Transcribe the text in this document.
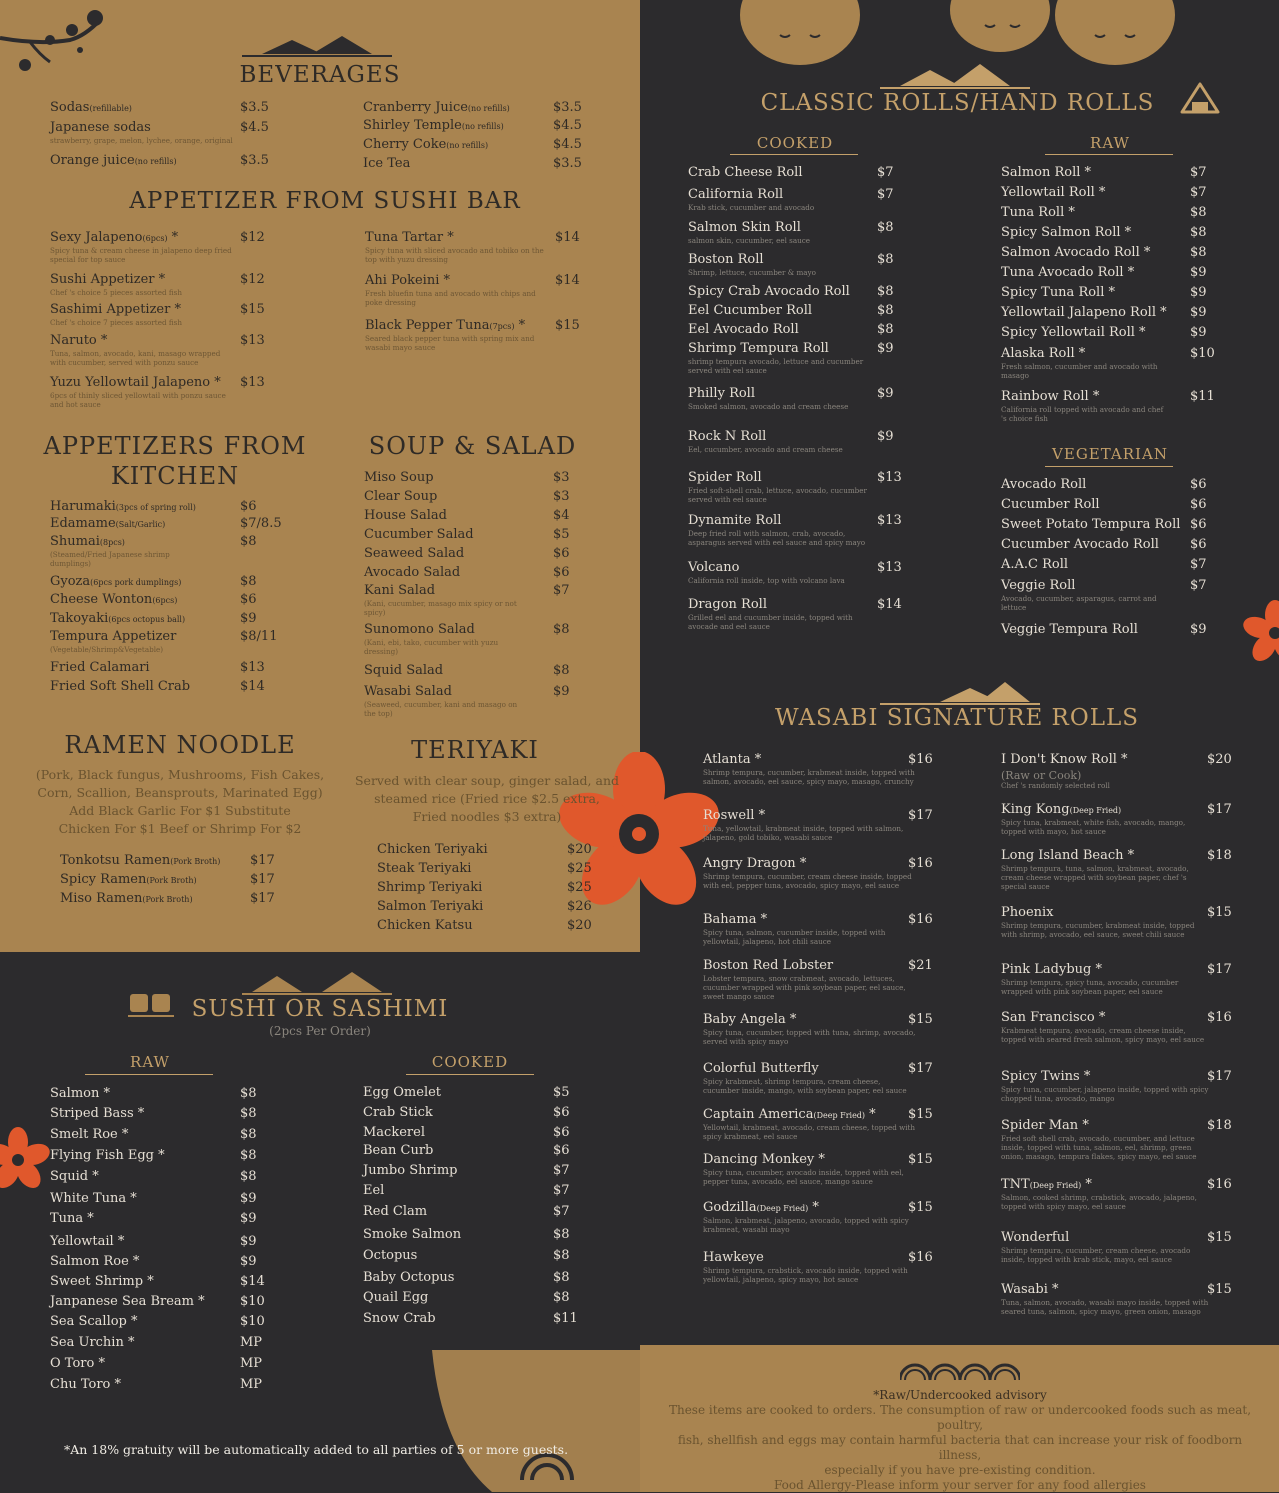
BEVERAGES
APPETIZER FROM SUSHI BAR
APPETIZERS FROM
KITCHEN
SOUP & SALAD
RAMEN NOODLE	TERIYAKI
SUSHI OR SASHIMI
(2pcs Per Order)
CLASSIC ROLLS/HAND ROLLS
WASABI SIGNATURE ROLLS
COOKED	RAW
VEGETARIAN
RAW	COOKED
(Pork, Black fungus, Mushrooms, Fish Cakes,
Corn, Scallion, Beansprouts, Marinated Egg)
Add Black Garlic For $1 Substitute
Chicken For $1 Beef or Shrimp For $2
Served with clear soup, ginger salad, and
steamed rice (Fried rice $2.5 extra,
Fried noodles $3 extra)
*An 18% gratuity will be automatically added to all parties of 5 or more guests.
*Raw/Undercooked advisory
These items are cooked to orders. The consumption of raw or undercooked foods such as meat, poultry,
fish, shellfish and eggs may contain harmful bacteria that can increase your risk of foodborn illness,
especially if you have pre-existing condition.
Food Allergy-Please inform your server for any food allergies
Sodas(refillable)	$3.5
Japanese sodas	$4.5
strawberry, grape, melon, lychee, orange, original
Orange juice(no refills)	$3.5
Cranberry Juice(no refills)	$3.5
Shirley Temple(no refills)	$4.5
Cherry Coke(no refills)	$4.5
Ice Tea	$3.5
Sexy Jalapeno(6pcs) *	$12
Spicy tuna & cream cheese in jalapeno deep fried special for top sauce
Sushi Appetizer *	$12
Chef 's choice 5 pieces assorted fish
Sashimi Appetizer *	$15
Chef 's choice 7 pieces assorted fish
Naruto *	$13
Tuna, salmon, avocado, kani, masago wrapped with cucumber, served with ponzu sauce
Yuzu Yellowtail Jalapeno * $13
6pcs of thinly sliced yellowtail with ponzu sauce and hot sauce
Tuna Tartar *	$14
Spicy tuna with sliced avocado and tobiko on the top with yuzu dressing
Ahi Pokeini *	$14
Fresh bluefin tuna and avocado with chips and poke dressing
Black Pepper Tuna(7pcs) * $15
Seared black pepper tuna with spring mix and wasabi mayo sauce
Harumaki(3pcs of spring roll)	$6
Edamame(Salt/Garlic)	$7/8.5
Shumai(8pcs)	$8
(Steamed/Fried Japanese shrimp dumplings)
Gyoza(6pcs pork dumplings)	$8
Cheese Wonton(6pcs)	$6
Takoyaki(6pcs octopus ball)	$9
Tempura Appetizer	$8/11
(Vegetable/Shrimp&Vegetable)
Fried Calamari	$13
Fried Soft Shell Crab	$14
Miso Soup	$3
Clear Soup	$3
House Salad	$4
Cucumber Salad	$5
Seaweed Salad	$6
Avocado Salad	$6
Kani Salad	$7
(Kani, cucumber, masago mix spicy or not spicy)
Sunomono Salad	$8
(Kani, ebi, tako, cucumber with yuzu dressing)
Squid Salad	$8
Wasabi Salad	$9
(Seaweed, cucumber, kani and masago on the top)
Tonkotsu Ramen(Pork Broth) $17
Spicy Ramen(Pork Broth)	$17
Miso Ramen(Pork Broth)	$17
Chicken Teriyaki	$20
Steak Teriyaki	$25
Shrimp Teriyaki	$25
Salmon Teriyaki	$26
Chicken Katsu	$20
Salmon *	$8
Striped Bass *	$8
Smelt Roe *	$8
Flying Fish Egg *	$8
Squid *	$8
White Tuna *	$9
Tuna *	$9
Yellowtail *	$9
Salmon Roe *	$9
Sweet Shrimp *	$14
Janpanese Sea Bream *	$10
Sea Scallop *	$10
Sea Urchin *	MP
O Toro *	MP
Chu Toro *	MP
Egg Omelet	$5
Crab Stick	$6
Mackerel	$6
Bean Curb	$6
Jumbo Shrimp	$7
Eel	$7
Red Clam	$7
Smoke Salmon	$8
Octopus	$8
Baby Octopus	$8
Quail Egg	$8
Snow Crab	$11
Crab Cheese Roll	$7
California Roll	$7
Krab stick, cucumber and avocado
Salmon Skin Roll	$8
salmon skin, cucumber, eel sauce
Boston Roll	$8
Shrimp, lettuce, cucumber & mayo
Spicy Crab Avocado Roll $8
Eel Cucumber Roll	$8
Eel Avocado Roll	$8
Shrimp Tempura Roll	$9
shrimp tempura avocado, lettuce and cucumber served with eel sauce
Philly Roll	$9
Smoked salmon, avocado and cream cheese
Rock N Roll	$9
Eel, cucumber, avocado and cream cheese
Spider Roll	$13
Fried soft-shell crab, lettuce, avocado, cucumber served with eel sauce
Dynamite Roll	$13
Deep fried roll with salmon, crab, avocado, asparagus served with eel sauce and spicy mayo
Volcano	$13
California roll inside, top with volcano lava
Dragon Roll	$14
Grilled eel and cucumber inside, topped with avocade and eel sauce
Salmon Roll *	$7
Yellowtail Roll *	$7
Tuna Roll *	$8
Spicy Salmon Roll *	$8
Salmon Avocado Roll *	$8
Tuna Avocado Roll *	$9
Spicy Tuna Roll *	$9
Yellowtail Jalapeno Roll * $9
Spicy Yellowtail Roll *	$9
Alaska Roll *	$10
Fresh salmon, cucumber and avocado with masago
Rainbow Roll *	$11
California roll topped with avocado and chef 's choice fish
Avocado Roll	$6
Cucumber Roll	$6
Sweet Potato Tempura Roll $6
Cucumber Avocado Roll $6
A.A.C Roll	$7
Veggie Roll	$7
Avocado, cucumber, asparagus, carrot and lettuce
Veggie Tempura Roll	$9
Atlanta *	$16
Shrimp tempura, cucumber, krabmeat inside, topped with salmon, avocado, eel sauce, spicy mayo, masago, crunchy
Roswell *	$17
Tuna, yellowtail, krabmeat inside, topped with salmon, jalapeno, gold tobiko, wasabi sauce
Angry Dragon *	$16
Shrimp tempura, cucumber, cream cheese inside, topped with eel, pepper tuna, avocado, spicy mayo, eel sauce
Bahama *	$16
Spicy tuna, salmon, cucumber inside, topped with yellowtail, jalapeno, hot chili sauce
Boston Red Lobster	$21
Lobster tempura, snow crabmeat, avocado, lettuces, cucumber wrapped with pink soybean paper, eel sauce, sweet mango sauce
Baby Angela *	$15
Spicy tuna, cucumber, topped with tuna, shrimp, avocado, served with spicy mayo
Colorful Butterfly	$17
Spicy krabmeat, shrimp tempura, cream cheese, cucumber inside, mango, with soybean paper, eel sauce
Captain America(Deep Fried) * $15
Yellowtail, krabmeat, avocado, cream cheese, topped with spicy krabmeat, eel sauce
Dancing Monkey *	$15
Spicy tuna, cucumber, avocado inside, topped with eel, pepper tuna, avocado, eel sauce, mango sauce
Godzilla(Deep Fried) *	$15
Salmon, krabmeat, jalapeno, avocado, topped with spicy krabmeat, wasabi mayo
Hawkeye	$16
Shrimp tempura, crabstick, avocado inside, topped with yellowtail, jalapeno, spicy mayo, hot sauce
I Don't Know Roll *	$20
(Raw or Cook)
Chef 's randomly selected roll
King Kong(Deep Fried)	$17
Spicy tuna, krabmeat, white fish, avocado, mango, topped with mayo, hot sauce
Long Island Beach *	$18
Shrimp tempura, tuna, salmon, krabmeat, avocado, cream cheese wrapped with soybean paper, chef 's special sauce
Phoenix	$15
Shrimp tempura, cucumber, krabmeat inside, topped with shrimp, avocado, eel sauce, sweet chili sauce
Pink Ladybug *	$17
Shrimp tempura, spicy tuna, avocado, cucumber wrapped with pink soybean paper, eel sauce
San Francisco *	$16
Krabmeat tempura, avocado, cream cheese inside, topped with seared fresh salmon, spicy mayo, eel sauce
Spicy Twins *	$17
Spicy tuna, cucumber, jalapeno inside, topped with spicy chopped tuna, avocado, mango
Spider Man *	$18
Fried soft shell crab, avocado, cucumber, and lettuce inside, topped with tuna, salmon, eel, shrimp, green onion, masago, tempura flakes, spicy mayo, eel sauce
TNT(Deep Fried) *	$16
Salmon, cooked shrimp, crabstick, avocado, jalapeno, topped with spicy mayo, eel sauce
Wonderful	$15
Shrimp tempura, cucumber, cream cheese, avocado inside, topped with krab stick, mayo, eel sauce
Wasabi *	$15
Tuna, salmon, avocado, wasabi mayo inside, topped with seared tuna, salmon, spicy mayo, green onion, masago
